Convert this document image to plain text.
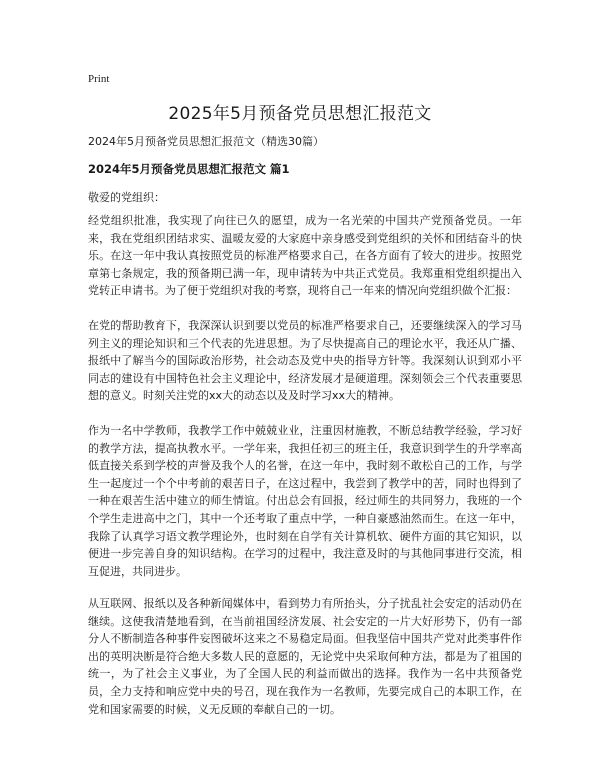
Print
2025年5月预备党员思想汇报范文
2024年5月预备党员思想汇报范文（精选30篇）
2024年5月预备党员思想汇报范文 篇1
敬爱的党组织：

经党组织批准，我实现了向往已久的愿望，成为一名光荣的中国共产党预备党员。一年来，我在党组织团结求实、温暖友爱的大家庭中亲身感受到党组织的关怀和团结奋斗的快乐。在这一年中我认真按照党员的标准严格要求自己，在各方面有了较大的进步。按照党章第七条规定，我的预备期已满一年，现申请转为中共正式党员。我郑重相党组织提出入党转正申请书。为了便于党组织对我的考察，现将自己一年来的情况向党组织做个汇报：

在党的帮助教育下，我深深认识到要以党员的标准严格要求自己，还要继续深入的学习马列主义的理论知识和三个代表的先进思想。为了尽快提高自己的理论水平，我还从广播、报纸中了解当今的国际政治形势，社会动态及党中央的指导方针等。我深刻认识到邓小平同志的建设有中国特色社会主义理论中，经济发展才是硬道理。深刻领会三个代表重要思想的意义。时刻关注党的xx大的动态以及及时学习xx大的精神。

作为一名中学教师，我教学工作中兢兢业业，注重因材施教，不断总结教学经验，学习好的教学方法，提高执教水平。一学年来，我担任初三的班主任，我意识到学生的升学率高低直接关系到学校的声誉及我个人的名誉，在这一年中，我时刻不敢松自己的工作，与学生一起度过一个个中考前的艰苦日子，在这过程中，我尝到了教学中的苦，同时也得到了一种在艰苦生活中建立的师生情谊。付出总会有回报，经过师生的共同努力，我班的一个个学生走进高中之门，其中一个还考取了重点中学，一种自豪感油然而生。在这一年中，我除了认真学习语文教学理论外，也时刻在自学有关计算机软、硬件方面的其它知识，以便进一步完善自身的知识结构。在学习的过程中，我注意及时的与其他同事进行交流，相互促进，共同进步。

从互联网、报纸以及各种新闻媒体中，看到势力有所抬头，分子扰乱社会安定的活动仍在继续。这使我清楚地看到，在当前祖国经济发展、社会安定的一片大好形势下，仍有一部分人不断制造各种事件妄图破坏这来之不易稳定局面。但我坚信中国共产党对此类事件作出的英明决断是符合绝大多数人民的意愿的，无论党中央采取何种方法，都是为了祖国的统一，为了社会主义事业，为了全国人民的利益而做出的选择。我作为一名中共预备党员，全力支持和响应党中央的号召，现在我作为一名教师，先要完成自己的本职工作，在党和国家需要的时候，义无反顾的奉献自己的一切。
